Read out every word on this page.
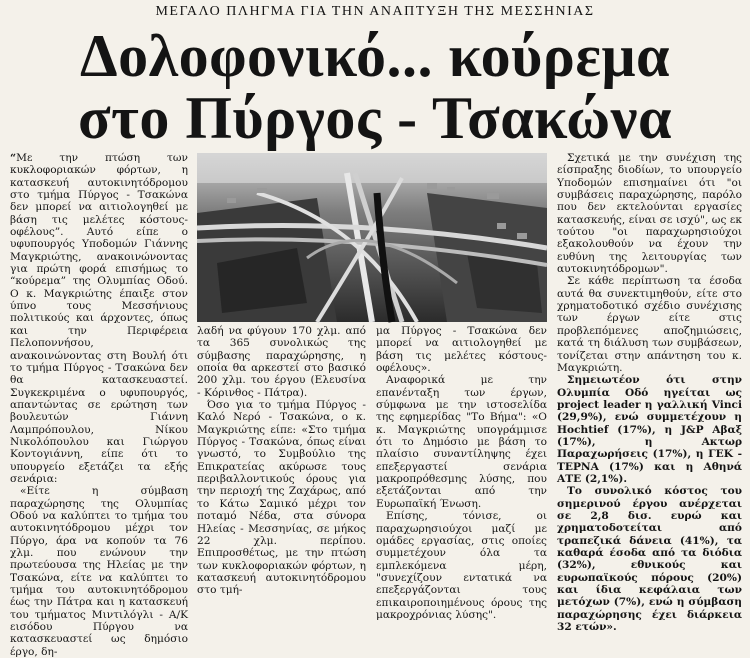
ΜΕΓΑΛΟ ΠΛΗΓΜΑ ΓΙΑ ΤΗΝ ΑΝΑΠΤΥΞΗ ΤΗΣ ΜΕΣΣΗΝΙΑΣ
Δολοφονικό... κούρεμα
στο Πύργος - Τσακώνα

“Με την πτώση των κυκλοφοριακών φόρτων, η κατασκευή αυτοκινητόδρομου στο τμήμα Πύργος - Τσακώνα δεν μπορεί να αιτιολογηθεί με βάση τις μελέτες κόστους-οφέλους”. Αυτό είπε ο υφυπουργός Υποδομών Γιάννης Μαγκριώτης, ανακοινώνοντας για πρώτη φορά επισήμως το “κούρεμα” της Ολυμπίας Οδού. Ο κ. Μαγκριώτης έπαιξε στον ύπνο τους Μεσσήνιους πολιτικούς και άρχοντες, όπως και την Περιφέρεια Πελοποννήσου, ανακοινώνοντας στη Βουλή ότι το τμήμα Πύργος - Τσακώνα δεν θα κατασκευαστεί. Συγκεκριμένα ο υφυπουργός, απαντώντας σε ερώτηση των βουλευτών Γιάννη Λαμπρόπουλου, Νίκου Νικολόπουλου και Γιώργου Κοντογιάννη, είπε ότι το υπουργείο εξετάζει τα εξής σενάρια:

«Είτε η σύμβαση παραχώρησης της Ολυμπίας Οδού να καλύπτει το τμήμα του αυτοκινητόδρομου μέχρι τον Πύργο, άρα να κοπούν τα 76 χλμ. που ενώνουν την πρωτεύουσα της Ηλείας με την Τσακώνα, είτε να καλύπτει το τμήμα του αυτοκινητόδρομου έως την Πάτρα και η κατασκευή του τμήματος Μιντιλόγλι - Α/Κ εισόδου Πύργου να κατασκευαστεί ως δημόσιο έργο, δη-

λαδή να φύγουν 170 χλμ. από τα 365 συνολικώς της σύμβασης παραχώρησης, η οποία θα αρκεστεί στο βασικό 200 χλμ. του έργου (Ελευσίνα - Κόρινθος - Πάτρα).

Όσο για το τμήμα Πύργος - Καλό Νερό - Τσακώνα, ο κ. Μαγκριώτης είπε: «Στο τμήμα Πύργος - Τσακώνα, όπως είναι γνωστό, το Συμβούλιο της Επικρατείας ακύρωσε τους περιβαλλοντικούς όρους για την περιοχή της Ζαχάρως, από το Κάτω Σαμικό μέχρι τον ποταμό Νέδα, στα σύνορα Ηλείας - Μεσσηνίας, σε μήκος 22 χλμ. περίπου. Επιπροσθέτως, με την πτώση των κυκλοφοριακών φόρτων, η κατασκευή αυτοκινητόδρομου στο τμή-

μα Πύργος - Τσακώνα δεν μπορεί να αιτιολογηθεί με βάση τις μελέτες κόστους-οφέλους».

Αναφορικά με την επανένταξη των έργων, σύμφωνα με την ιστοσελίδα της εφημερίδας "Το Βήμα": «Ο κ. Μαγκριώτης υπογράμμισε ότι το Δημόσιο με βάση το πλαίσιο συναντίληψης έχει επεξεργαστεί σενάρια μακροπρόθεσμης λύσης, που εξετάζονται από την Ευρωπαϊκή Ένωση.

Επίσης, τόνισε, οι παραχωρησιούχοι μαζί με ομάδες εργασίας, στις οποίες συμμετέχουν όλα τα εμπλεκόμενα μέρη, "συνεχίζουν εντατικά να επεξεργάζονται τους επικαιροποιημένους όρους της μακροχρόνιας λύσης".

Σχετικά με την συνέχιση της είσπραξης διοδίων, το υπουργείο Υποδομών επισημαίνει ότι "οι συμβάσεις παραχώρησης, παρόλο που δεν εκτελούνται εργασίες κατασκευής, είναι σε ισχύ", ως εκ τούτου "οι παραχωρησιούχοι εξακολουθούν να έχουν την ευθύνη της λειτουργίας των αυτοκινητόδρομων".

Σε κάθε περίπτωση τα έσοδα αυτά θα συνεκτιμηθούν, είτε στο χρηματοδοτικό σχέδιο συνέχισης των έργων είτε στις προβλεπόμενες αποζημιώσεις, κατά τη διάλυση των συμβάσεων, τονίζεται στην απάντηση του κ. Μαγκριώτη.

Σημειωτέον ότι στην Ολυμπία Οδό ηγείται ως project leader η γαλλική Vinci (29,9%), ενώ συμμετέχουν η Hochtief (17%), η J&P Αβαξ (17%), η Ακτωρ Παραχωρήσεις (17%), η ΓΕΚ - ΤΕΡΝΑ (17%) και η Αθηνά ΑΤΕ (2,1%).

Το συνολικό κόστος του σημερινού έργου ανέρχεται σε 2,8 δισ. ευρώ και χρηματοδοτείται από τραπεζικά δάνεια (41%), τα καθαρά έσοδα από τα διόδια (32%), εθνικούς και ευρωπαϊκούς πόρους (20%) και ίδια κεφάλαια των μετόχων (7%), ενώ η σύμβαση παραχώρησης έχει διάρκεια 32 ετών».
